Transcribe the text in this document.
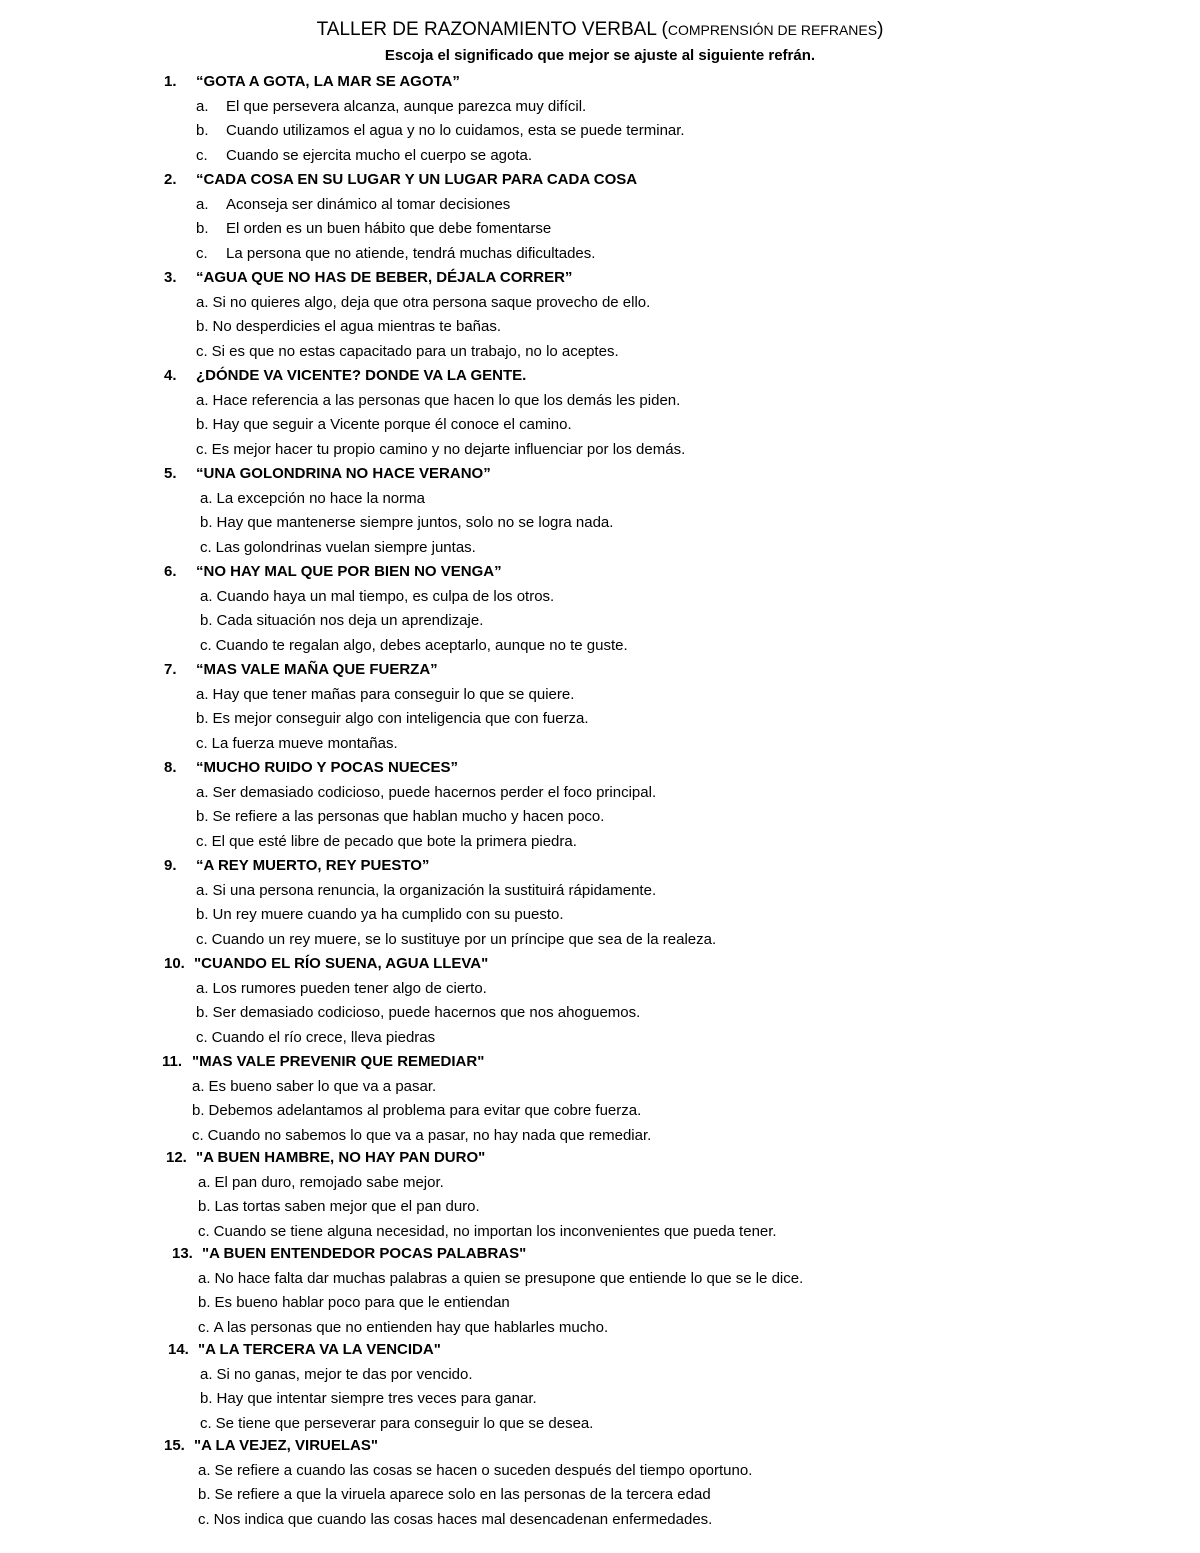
TALLER DE RAZONAMIENTO VERBAL (COMPRENSIÓN DE REFRANES)
Escoja el significado que mejor se ajuste al siguiente refrán.
1. “GOTA A GOTA, LA MAR SE AGOTA”
a. El que persevera alcanza, aunque parezca muy difícil.
b. Cuando utilizamos el agua y no lo cuidamos, esta se puede terminar.
c. Cuando se ejercita mucho el cuerpo se agota.
2. “CADA COSA EN SU LUGAR Y UN LUGAR PARA CADA COSA
a. Aconseja ser dinámico al tomar decisiones
b. El orden es un buen hábito que debe fomentarse
c. La persona que no atiende, tendrá muchas dificultades.
3. “AGUA QUE NO HAS DE BEBER, DÉJALA CORRER”
a. Si no quieres algo, deja que otra persona saque provecho de ello.
b. No desperdicies el agua mientras te bañas.
c. Si es que no estas capacitado para un trabajo, no lo aceptes.
4. ¿DÓNDE VA VICENTE? DONDE VA LA GENTE.
a. Hace referencia a las personas que hacen lo que los demás les piden.
b. Hay que seguir a Vicente porque él conoce el camino.
c. Es mejor hacer tu propio camino y no dejarte influenciar por los demás.
5. “UNA GOLONDRINA NO HACE VERANO”
a. La excepción no hace la norma
b. Hay que mantenerse siempre juntos, solo no se logra nada.
c. Las golondrinas vuelan siempre juntas.
6. “NO HAY MAL QUE POR BIEN NO VENGA”
a. Cuando haya un mal tiempo, es culpa de los otros.
b. Cada situación nos deja un aprendizaje.
c. Cuando te regalan algo, debes aceptarlo, aunque no te guste.
7. “MAS VALE MAÑA QUE FUERZA”
a. Hay que tener mañas para conseguir lo que se quiere.
b. Es mejor conseguir algo con inteligencia que con fuerza.
c. La fuerza mueve montañas.
8. “MUCHO RUIDO Y POCAS NUECES”
a. Ser demasiado codicioso, puede hacernos perder el foco principal.
b. Se refiere a las personas que hablan mucho y hacen poco.
c. El que esté libre de pecado que bote la primera piedra.
9. “A REY MUERTO, REY PUESTO”
a. Si una persona renuncia, la organización la sustituirá rápidamente.
b. Un rey muere cuando ya ha cumplido con su puesto.
c. Cuando un rey muere, se lo sustituye por un príncipe que sea de la realeza.
10. "CUANDO EL RÍO SUENA, AGUA LLEVA"
a. Los rumores pueden tener algo de cierto.
b. Ser demasiado codicioso, puede hacernos que nos ahoguemos.
c. Cuando el río crece, lleva piedras
11. "MAS VALE PREVENIR QUE REMEDIAR"
a. Es bueno saber lo que va a pasar.
b. Debemos adelantamos al problema para evitar que cobre fuerza.
c. Cuando no sabemos lo que va a pasar, no hay nada que remediar.
12. "A BUEN HAMBRE, NO HAY PAN DURO"
a. El pan duro, remojado sabe mejor.
b. Las tortas saben mejor que el pan duro.
c. Cuando se tiene alguna necesidad, no importan los inconvenientes que pueda tener.
13. "A BUEN ENTENDEDOR POCAS PALABRAS"
a. No hace falta dar muchas palabras a quien se presupone que entiende lo que se le dice.
b. Es bueno hablar poco para que le entiendan
c. A las personas que no entienden hay que hablarles mucho.
14. "A LA TERCERA VA LA VENCIDA"
a. Si no ganas, mejor te das por vencido.
b. Hay que intentar siempre tres veces para ganar.
c. Se tiene que perseverar para conseguir lo que se desea.
15. "A LA VEJEZ, VIRUELAS"
a. Se refiere a cuando las cosas se hacen o suceden después del tiempo oportuno.
b. Se refiere a que la viruela aparece solo en las personas de la tercera edad
c. Nos indica que cuando las cosas haces mal desencadenan enfermedades.
